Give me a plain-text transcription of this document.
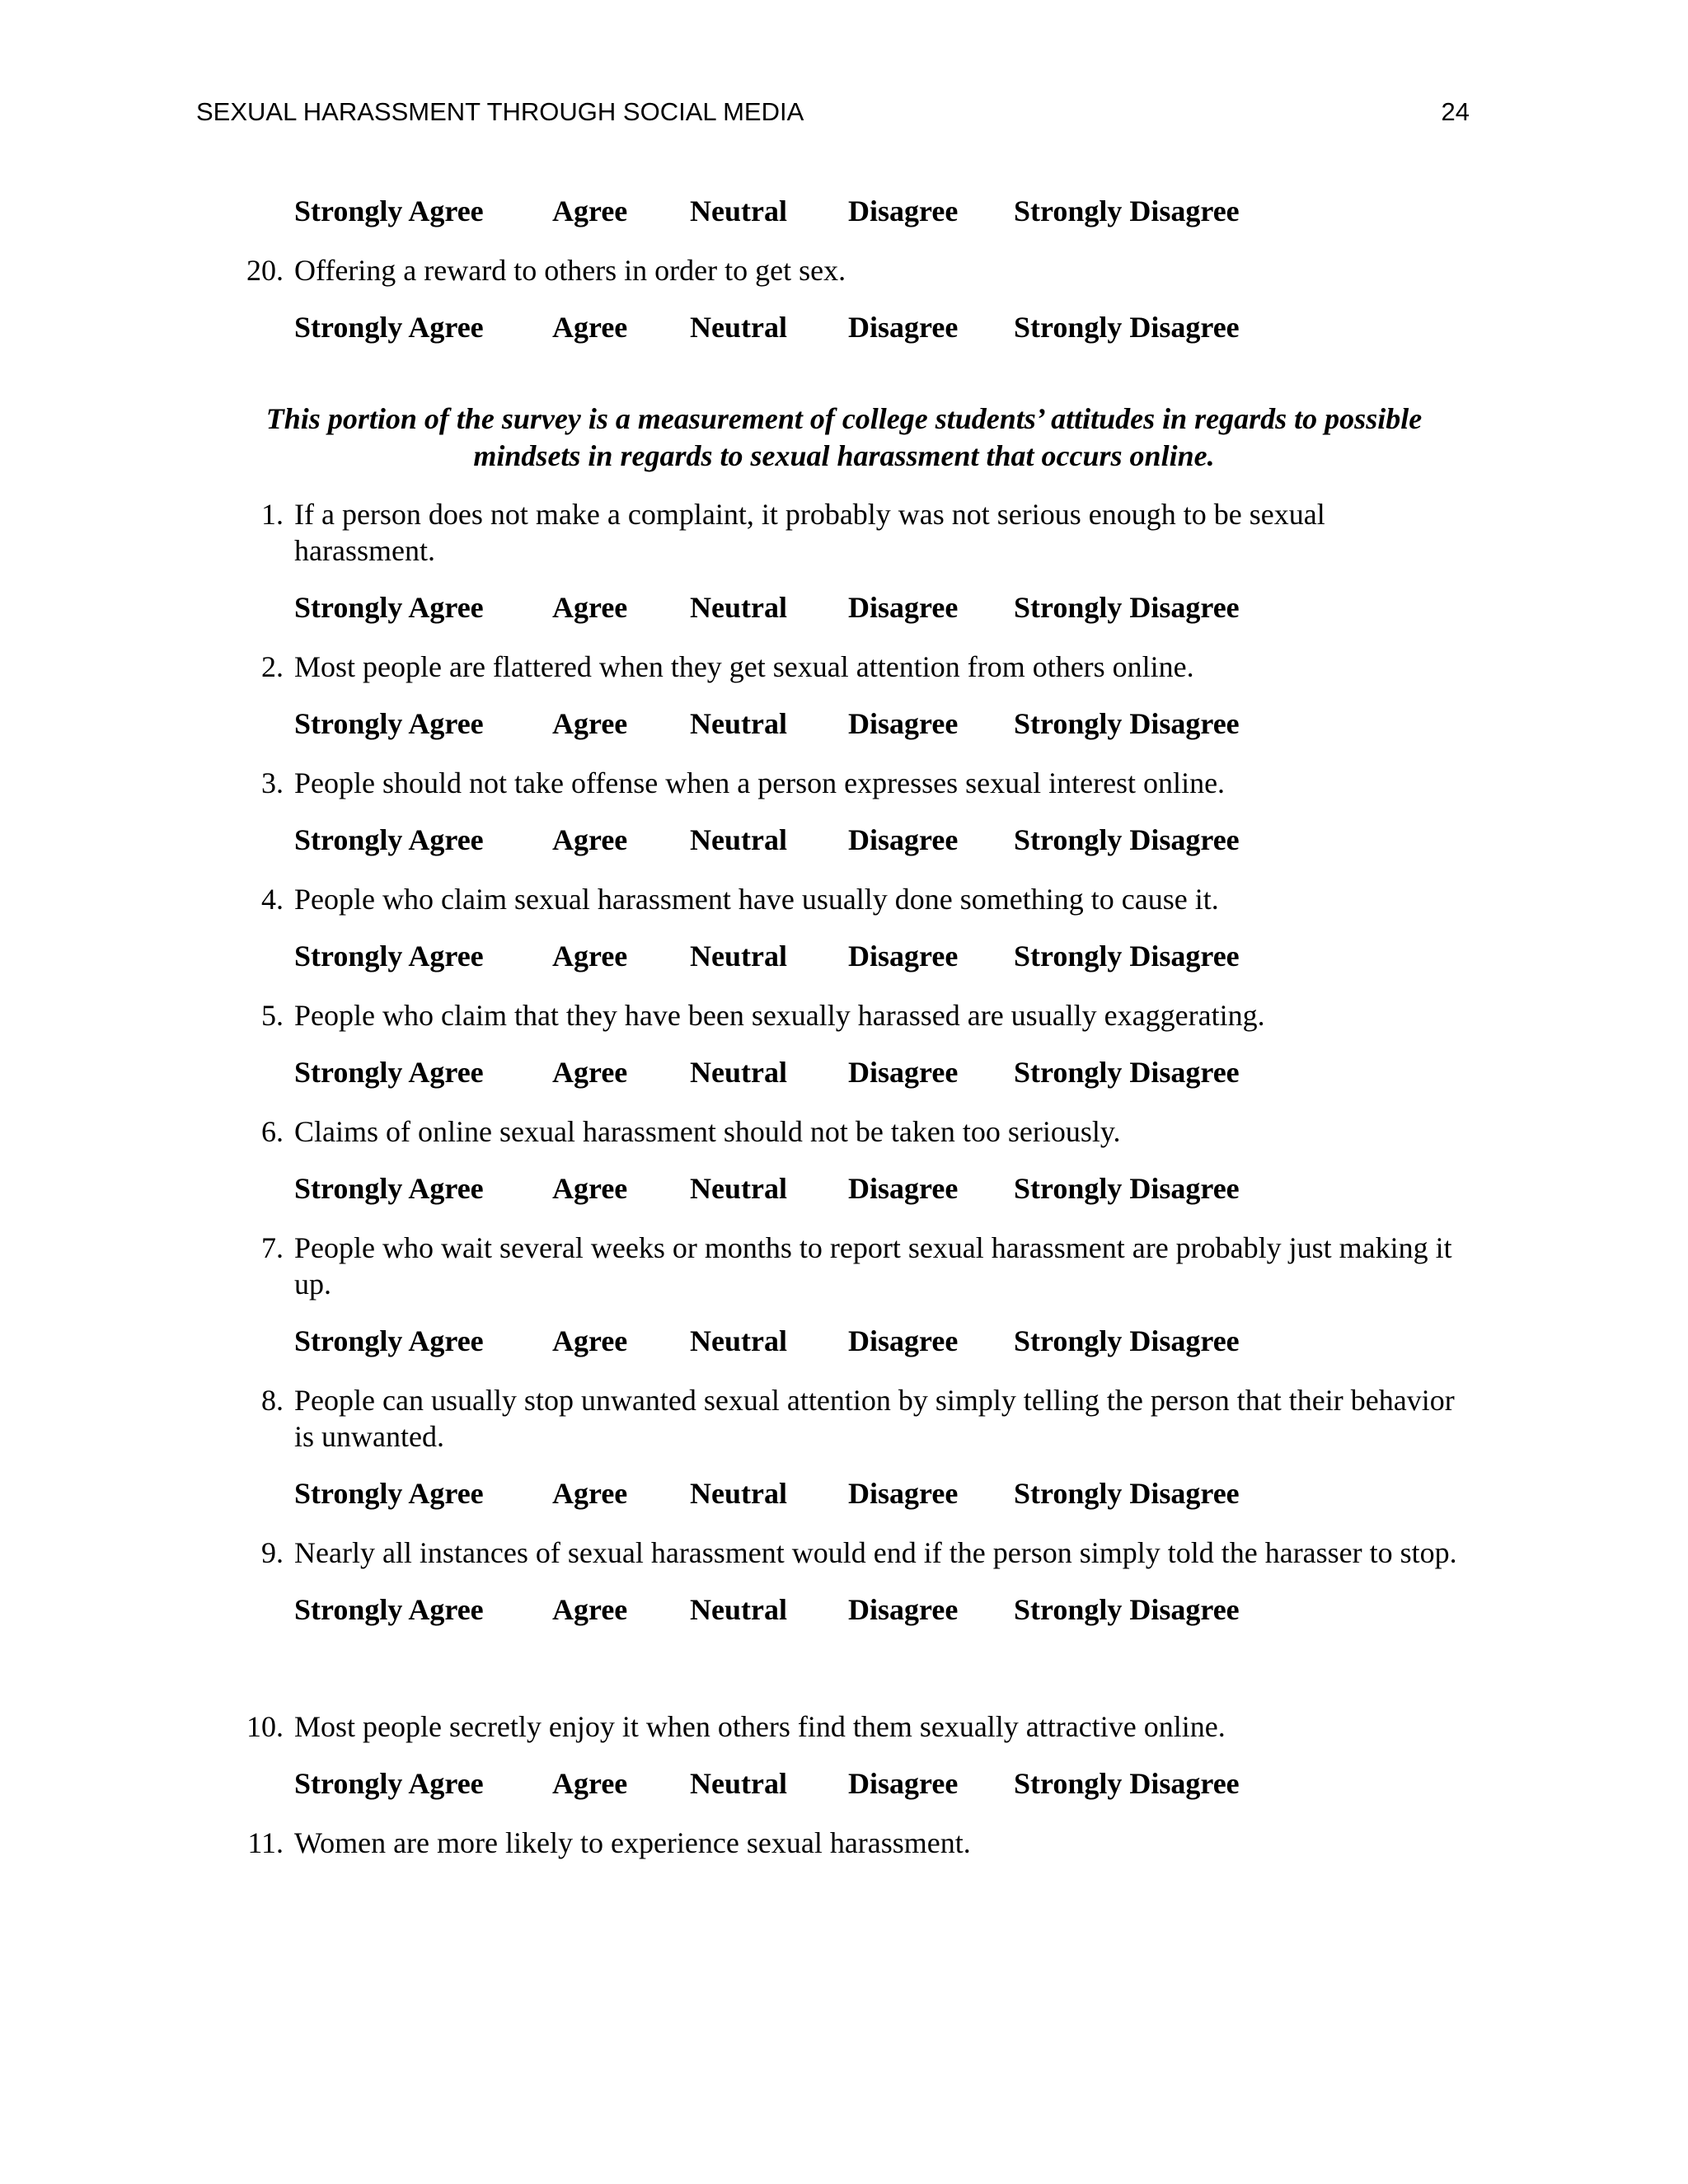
SEXUAL HARASSMENT THROUGH SOCIAL MEDIA	24
Strongly Agree Agree Neutral Disagree Strongly Disagree
20. Offering a reward to others in order to get sex.
Strongly Agree Agree Neutral Disagree Strongly Disagree
This portion of the survey is a measurement of college students’ attitudes in regards to possible mindsets in regards to sexual harassment that occurs online.
1. If a person does not make a complaint, it probably was not serious enough to be sexual harassment.
Strongly Agree Agree Neutral Disagree Strongly Disagree
2. Most people are flattered when they get sexual attention from others online.
Strongly Agree Agree Neutral Disagree Strongly Disagree
3. People should not take offense when a person expresses sexual interest online.
Strongly Agree Agree Neutral Disagree Strongly Disagree
4. People who claim sexual harassment have usually done something to cause it.
Strongly Agree Agree Neutral Disagree Strongly Disagree
5. People who claim that they have been sexually harassed are usually exaggerating.
Strongly Agree Agree Neutral Disagree Strongly Disagree
6. Claims of online sexual harassment should not be taken too seriously.
Strongly Agree Agree Neutral Disagree Strongly Disagree
7. People who wait several weeks or months to report sexual harassment are probably just making it up.
Strongly Agree Agree Neutral Disagree Strongly Disagree
8. People can usually stop unwanted sexual attention by simply telling the person that their behavior is unwanted.
Strongly Agree Agree Neutral Disagree Strongly Disagree
9. Nearly all instances of sexual harassment would end if the person simply told the harasser to stop.
Strongly Agree Agree Neutral Disagree Strongly Disagree
10. Most people secretly enjoy it when others find them sexually attractive online.
Strongly Agree Agree Neutral Disagree Strongly Disagree
11. Women are more likely to experience sexual harassment.
